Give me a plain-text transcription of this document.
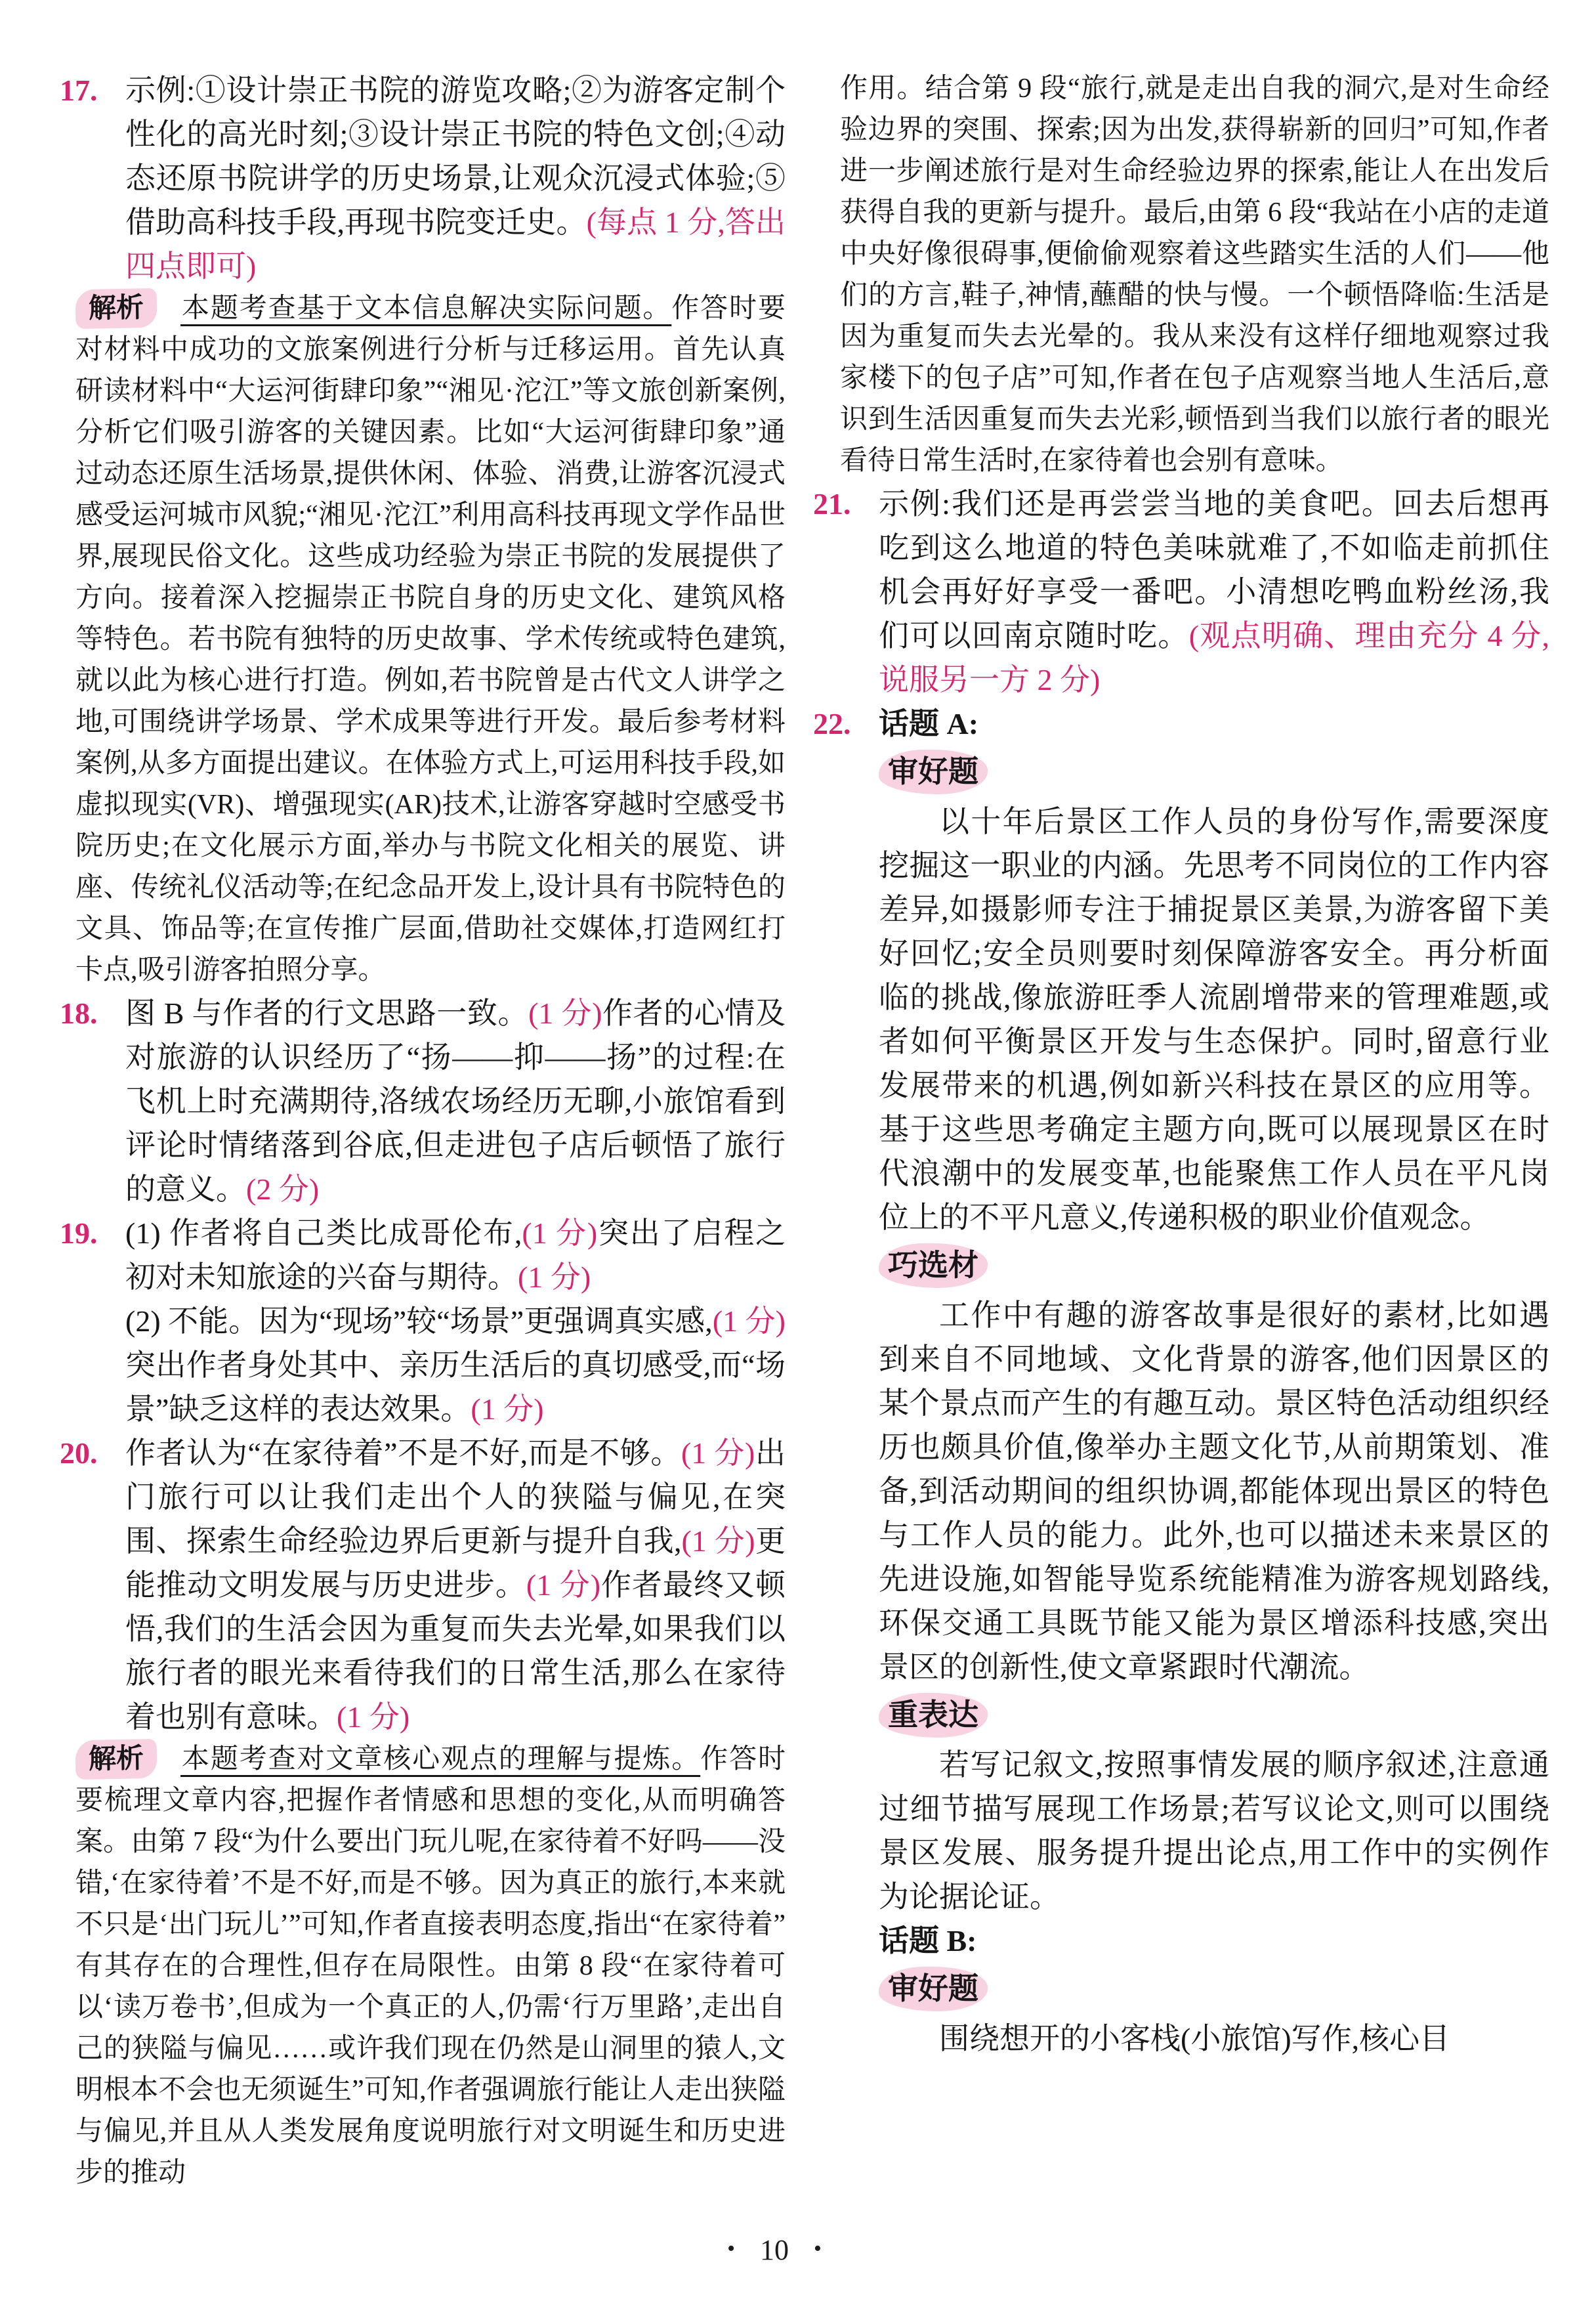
17. 示例:①设计崇正书院的游览攻略;②为游客定制个性化的高光时刻;③设计崇正书院的特色文创;④动态还原书院讲学的历史场景,让观众沉浸式体验;⑤借助高科技手段,再现书院变迁史。(每点 1 分,答出四点即可)

解析 本题考查基于文本信息解决实际问题。作答时要对材料中成功的文旅案例进行分析与迁移运用。首先认真研读材料中“大运河街肆印象”“湘见·沱江”等文旅创新案例,分析它们吸引游客的关键因素。比如“大运河街肆印象”通过动态还原生活场景,提供休闲、体验、消费,让游客沉浸式感受运河城市风貌;“湘见·沱江”利用高科技再现文学作品世界,展现民俗文化。这些成功经验为崇正书院的发展提供了方向。接着深入挖掘崇正书院自身的历史文化、建筑风格等特色。若书院有独特的历史故事、学术传统或特色建筑,就以此为核心进行打造。例如,若书院曾是古代文人讲学之地,可围绕讲学场景、学术成果等进行开发。最后参考材料案例,从多方面提出建议。在体验方式上,可运用科技手段,如虚拟现实(VR)、增强现实(AR)技术,让游客穿越时空感受书院历史;在文化展示方面,举办与书院文化相关的展览、讲座、传统礼仪活动等;在纪念品开发上,设计具有书院特色的文具、饰品等;在宣传推广层面,借助社交媒体,打造网红打卡点,吸引游客拍照分享。

18. 图 B 与作者的行文思路一致。(1 分)作者的心情及对旅游的认识经历了“扬——抑——扬”的过程:在飞机上时充满期待,洛绒农场经历无聊,小旅馆看到评论时情绪落到谷底,但走进包子店后顿悟了旅行的意义。(2 分)

19. (1) 作者将自己类比成哥伦布,(1 分)突出了启程之初对未知旅途的兴奋与期待。(1 分)

(2) 不能。因为“现场”较“场景”更强调真实感,(1 分)突出作者身处其中、亲历生活后的真切感受,而“场景”缺乏这样的表达效果。(1 分)

20. 作者认为“在家待着”不是不好,而是不够。(1 分)出门旅行可以让我们走出个人的狭隘与偏见,在突围、探索生命经验边界后更新与提升自我,(1 分)更能推动文明发展与历史进步。(1 分)作者最终又顿悟,我们的生活会因为重复而失去光晕,如果我们以旅行者的眼光来看待我们的日常生活,那么在家待着也别有意味。(1 分)

解析 本题考查对文章核心观点的理解与提炼。作答时要梳理文章内容,把握作者情感和思想的变化,从而明确答案。由第 7 段“为什么要出门玩儿呢,在家待着不好吗——没错,‘在家待着’不是不好,而是不够。因为真正的旅行,本来就不只是‘出门玩儿’”可知,作者直接表明态度,指出“在家待着”有其存在的合理性,但存在局限性。由第 8 段“在家待着可以‘读万卷书’,但成为一个真正的人,仍需‘行万里路’,走出自己的狭隘与偏见……或许我们现在仍然是山洞里的猿人,文明根本不会也无须诞生”可知,作者强调旅行能让人走出狭隘与偏见,并且从人类发展角度说明旅行对文明诞生和历史进步的推动

作用。结合第 9 段“旅行,就是走出自我的洞穴,是对生命经验边界的突围、探索;因为出发,获得崭新的回归”可知,作者进一步阐述旅行是对生命经验边界的探索,能让人在出发后获得自我的更新与提升。最后,由第 6 段“我站在小店的走道中央好像很碍事,便偷偷观察着这些踏实生活的人们——他们的方言,鞋子,神情,蘸醋的快与慢。一个顿悟降临:生活是因为重复而失去光晕的。我从来没有这样仔细地观察过我家楼下的包子店”可知,作者在包子店观察当地人生活后,意识到生活因重复而失去光彩,顿悟到当我们以旅行者的眼光看待日常生活时,在家待着也会别有意味。

21. 示例:我们还是再尝尝当地的美食吧。回去后想再吃到这么地道的特色美味就难了,不如临走前抓住机会再好好享受一番吧。小清想吃鸭血粉丝汤,我们可以回南京随时吃。(观点明确、理由充分 4 分,说服另一方 2 分)

22. 话题 A:
审好题

以十年后景区工作人员的身份写作,需要深度挖掘这一职业的内涵。先思考不同岗位的工作内容差异,如摄影师专注于捕捉景区美景,为游客留下美好回忆;安全员则要时刻保障游客安全。再分析面临的挑战,像旅游旺季人流剧增带来的管理难题,或者如何平衡景区开发与生态保护。同时,留意行业发展带来的机遇,例如新兴科技在景区的应用等。基于这些思考确定主题方向,既可以展现景区在时代浪潮中的发展变革,也能聚焦工作人员在平凡岗位上的不平凡意义,传递积极的职业价值观念。

巧选材

工作中有趣的游客故事是很好的素材,比如遇到来自不同地域、文化背景的游客,他们因景区的某个景点而产生的有趣互动。景区特色活动组织经历也颇具价值,像举办主题文化节,从前期策划、准备,到活动期间的组织协调,都能体现出景区的特色与工作人员的能力。此外,也可以描述未来景区的先进设施,如智能导览系统能精准为游客规划路线,环保交通工具既节能又能为景区增添科技感,突出景区的创新性,使文章紧跟时代潮流。

重表达

若写记叙文,按照事情发展的顺序叙述,注意通过细节描写展现工作场景;若写议论文,则可以围绕景区发展、服务提升提出论点,用工作中的实例作为论据论证。

话题 B:
审好题

围绕想开的小客栈(小旅馆)写作,核心目

• 10 •
